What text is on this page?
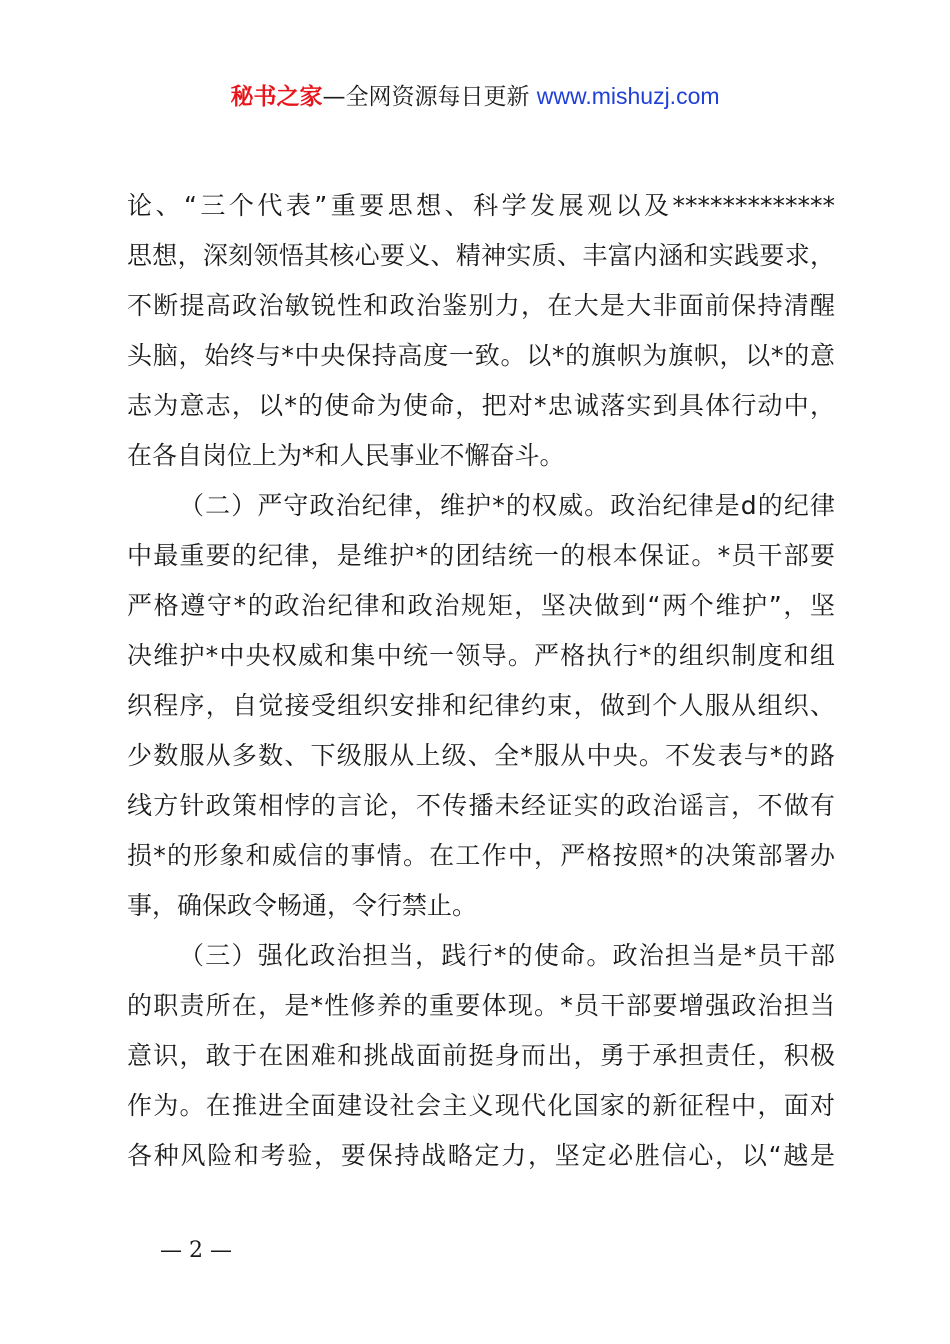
秘书之家—全网资源每日更新 www.mishuzj.com
论、“三个代表”重要思想、科学发展观以及*************
思想，深刻领悟其核心要义、精神实质、丰富内涵和实践要求，
不断提高政治敏锐性和政治鉴别力，在大是大非面前保持清醒
头脑，始终与*中央保持高度一致。以*的旗帜为旗帜，以*的意
志为意志，以*的使命为使命，把对*忠诚落实到具体行动中，
在各自岗位上为*和人民事业不懈奋斗。
（二）严守政治纪律，维护*的权威。政治纪律是d的纪律
中最重要的纪律，是维护*的团结统一的根本保证。*员干部要
严格遵守*的政治纪律和政治规矩，坚决做到“两个维护”，坚
决维护*中央权威和集中统一领导。严格执行*的组织制度和组
织程序，自觉接受组织安排和纪律约束，做到个人服从组织、
少数服从多数、下级服从上级、全*服从中央。不发表与*的路
线方针政策相悖的言论，不传播未经证实的政治谣言，不做有
损*的形象和威信的事情。在工作中，严格按照*的决策部署办
事，确保政令畅通，令行禁止。
（三）强化政治担当，践行*的使命。政治担当是*员干部
的职责所在，是*性修养的重要体现。*员干部要增强政治担当
意识，敢于在困难和挑战面前挺身而出，勇于承担责任，积极
作为。在推进全面建设社会主义现代化国家的新征程中，面对
各种风险和考验，要保持战略定力，坚定必胜信心，以“越是
— 2 —
